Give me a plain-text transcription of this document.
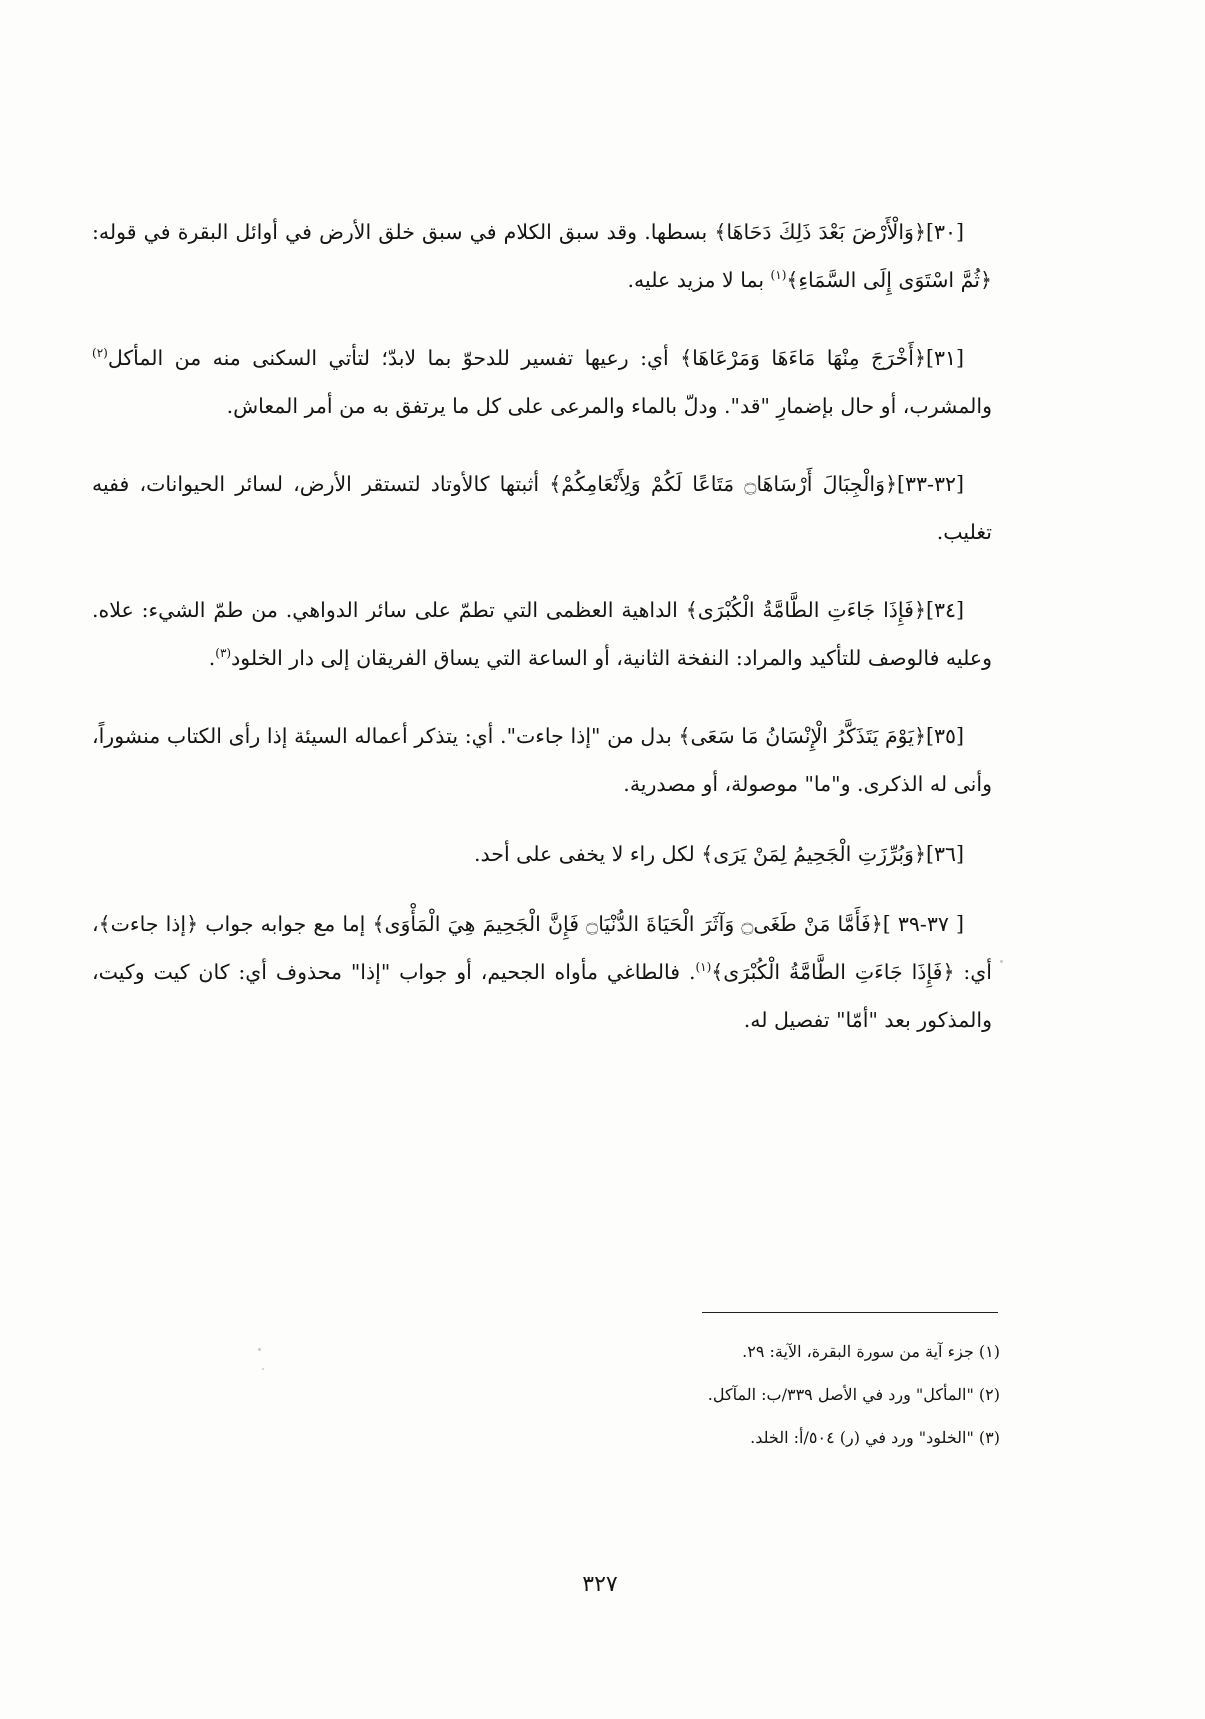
[٣٠]﴿وَالْأَرْضَ بَعْدَ ذَلِكَ دَحَاهَا﴾ بسطها. وقد سبق الكلام في سبق خلق الأرض في أوائل البقرة في قوله: ﴿ثُمَّ اسْتَوَى إِلَى السَّمَاءِ﴾$^{(١)}$ بما لا مزيد عليه.

[٣١]﴿أَخْرَجَ مِنْهَا مَاءَهَا وَمَرْعَاهَا﴾ أي: رعيها تفسير للدحوّ بما لابدّ؛ لتأتي السكنى منه من المأكل$^{(٢)}$ والمشرب، أو حال بإضمارِ "قد". ودلّ بالماء والمرعى على كل ما يرتفق به من أمر المعاش.

[٣٢-٣٣]﴿وَالْجِبَالَ أَرْسَاهَا۝ مَتَاعًا لَكُمْ وَلِأَنْعَامِكُمْ﴾ أثبتها كالأوتاد لتستقر الأرض، لسائر الحيوانات، ففيه تغليب.

[٣٤]﴿فَإِذَا جَاءَتِ الطَّامَّةُ الْكُبْرَى﴾ الداهية العظمى التي تطمّ على سائر الدواهي. من طمّ الشيء: علاه. وعليه فالوصف للتأكيد والمراد: النفخة الثانية، أو الساعة التي يساق الفريقان إلى دار الخلود$^{(٣)}$.

[٣٥]﴿يَوْمَ يَتَذَكَّرُ الْإِنْسَانُ مَا سَعَى﴾ بدل من "إذا جاءت". أي: يتذكر أعماله السيئة إذا رأى الكتاب منشوراً، وأنى له الذكرى. و"ما" موصولة، أو مصدرية.

[٣٦]﴿وَبُرِّزَتِ الْجَحِيمُ لِمَنْ يَرَى﴾ لكل راء لا يخفى على أحد.

[ ٣٧-٣٩ ]﴿فَأَمَّا مَنْ طَغَى۝ وَآثَرَ الْحَيَاةَ الدُّنْيَا۝ فَإِنَّ الْجَحِيمَ هِيَ الْمَأْوَى﴾ إما مع جوابه جواب ﴿إذا جاءت﴾، أي: ﴿فَإِذَا جَاءَتِ الطَّامَّةُ الْكُبْرَى﴾$^{(١)}$. فالطاغي مأواه الجحيم، أو جواب "إذا" محذوف أي: كان كيت وكيت، والمذكور بعد "أمّا" تفصيل له.

(١) جزء آية من سورة البقرة، الآية: ٢٩.

(٢) "المأكل" ورد في الأصل ٣٣٩/ب: المآكل.

(٣) "الخلود" ورد في (ر) ٥٠٤/أ: الخلد.

٣٢٧
